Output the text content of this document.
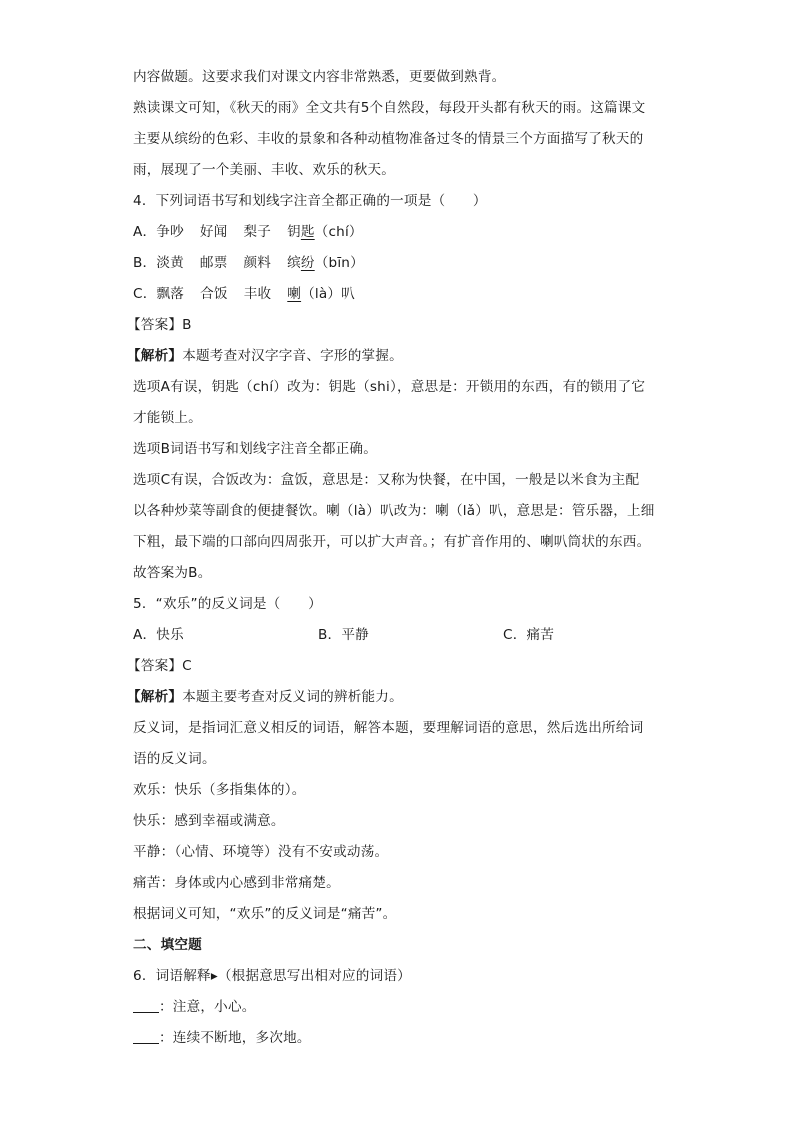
内容做题。这要求我们对课文内容非常熟悉，更要做到熟背。
熟读课文可知，《秋天的雨》全文共有5个自然段，每段开头都有秋天的雨。这篇课文
主要从缤纷的色彩、丰收的景象和各种动植物准备过冬的情景三个方面描写了秋天的
雨，展现了一个美丽、丰收、欢乐的秋天。
4．下列词语书写和划线字注音全都正确的一项是（　　）
A．争吵 好闻 梨子 钥匙（chí）
B．淡黄 邮票 颜料 缤纷（bīn）
C．飘落 合饭 丰收 喇（là）叭
【答案】B
【解析】本题考查对汉字字音、字形的掌握。
选项A有误，钥匙（chí）改为：钥匙（shi），意思是：开锁用的东西，有的锁用了它
才能锁上。
选项B词语书写和划线字注音全都正确。
选项C有误，合饭改为：盒饭，意思是：又称为快餐，在中国，一般是以米食为主配
以各种炒菜等副食的便捷餐饮。喇（là）叭改为：喇（lǎ）叭，意思是：管乐器，上细
下粗，最下端的口部向四周张开，可以扩大声音。；有扩音作用的、喇叭筒状的东西。
故答案为B。
5．“欢乐”的反义词是（　　）
A．快乐	B．平静	C．痛苦
【答案】C
【解析】本题主要考查对反义词的辨析能力。
反义词，是指词汇意义相反的词语，解答本题，要理解词语的意思，然后选出所给词
语的反义词。
欢乐：快乐（多指集体的）。
快乐：感到幸福或满意。
平静：（心情、环境等）没有不安或动荡。
痛苦：身体或内心感到非常痛楚。
根据词义可知，“欢乐”的反义词是“痛苦”。
二、填空题
6．词语解释▸（根据意思写出相对应的词语）
：注意，小心。
：连续不断地，多次地。
